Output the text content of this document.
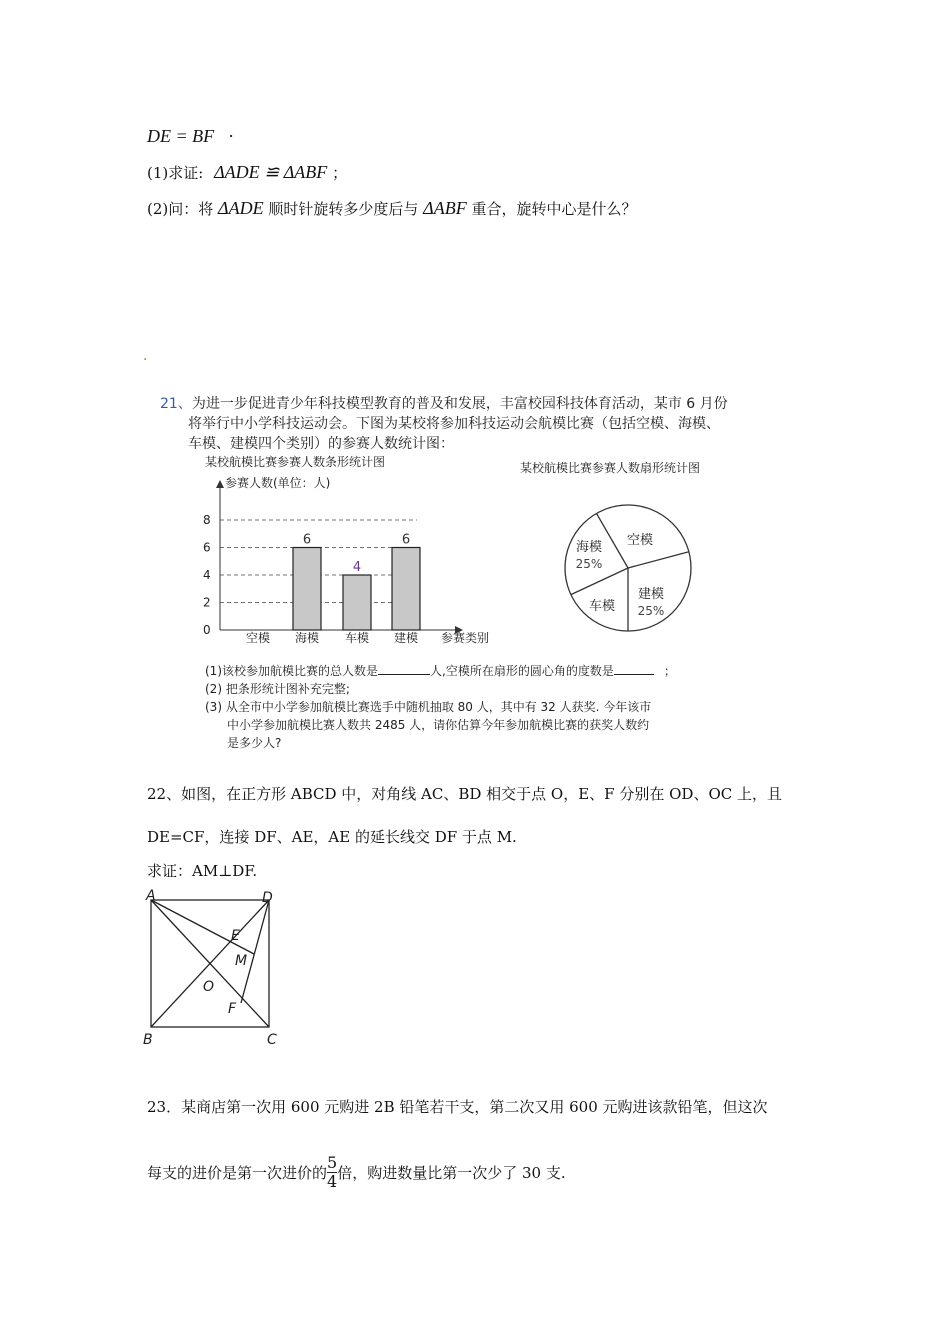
DE = BF ·
(1)求证: ΔADE ≌ ΔABF ；
(2)问：将 ΔADE 顺时针旋转多少度后与 ΔABF 重合，旋转中心是什么？
.
21、为进一步促进青少年科技模型教育的普及和发展，丰富校园科技体育活动，某市 6 月份
将举行中小学科技运动会。下图为某校将参加科技运动会航模比赛（包括空模、海模、
车模、建模四个类别）的参赛人数统计图：
某校航模比赛参赛人数条形统计图
参赛人数(单位：人)
0
2
4
6
8
6
4
6
空模 海模 车模 建模 参赛类别
某校航模比赛参赛人数扇形统计图
海模
25%
空模
建模
25%
车模
(1)该校参加航模比赛的总人数是	人,空模所在扇形的圆心角的度数是	；
(2) 把条形统计图补充完整;
(3) 从全市中小学参加航模比赛选手中随机抽取 80 人，其中有 32 人获奖. 今年该市
中小学参加航模比赛人数共 2485 人，请你估算今年参加航模比赛的获奖人数约
是多少人?
22、如图，在正方形 ABCD 中，对角线 AC、BD 相交于点 O，E、F 分别在 OD、OC 上，且
DE=CF，连接 DF、AE，AE 的延长线交 DF 于点 M.
求证：AM⊥DF.
A	D
B	C
E
M
O
F
23．某商店第一次用 600 元购进 2B 铅笔若干支，第二次又用 600 元购进该款铅笔，但这次
每支的进价是第一次进价的 $\frac{5}{4}$ 倍，购进数量比第一次少了 30 支.
